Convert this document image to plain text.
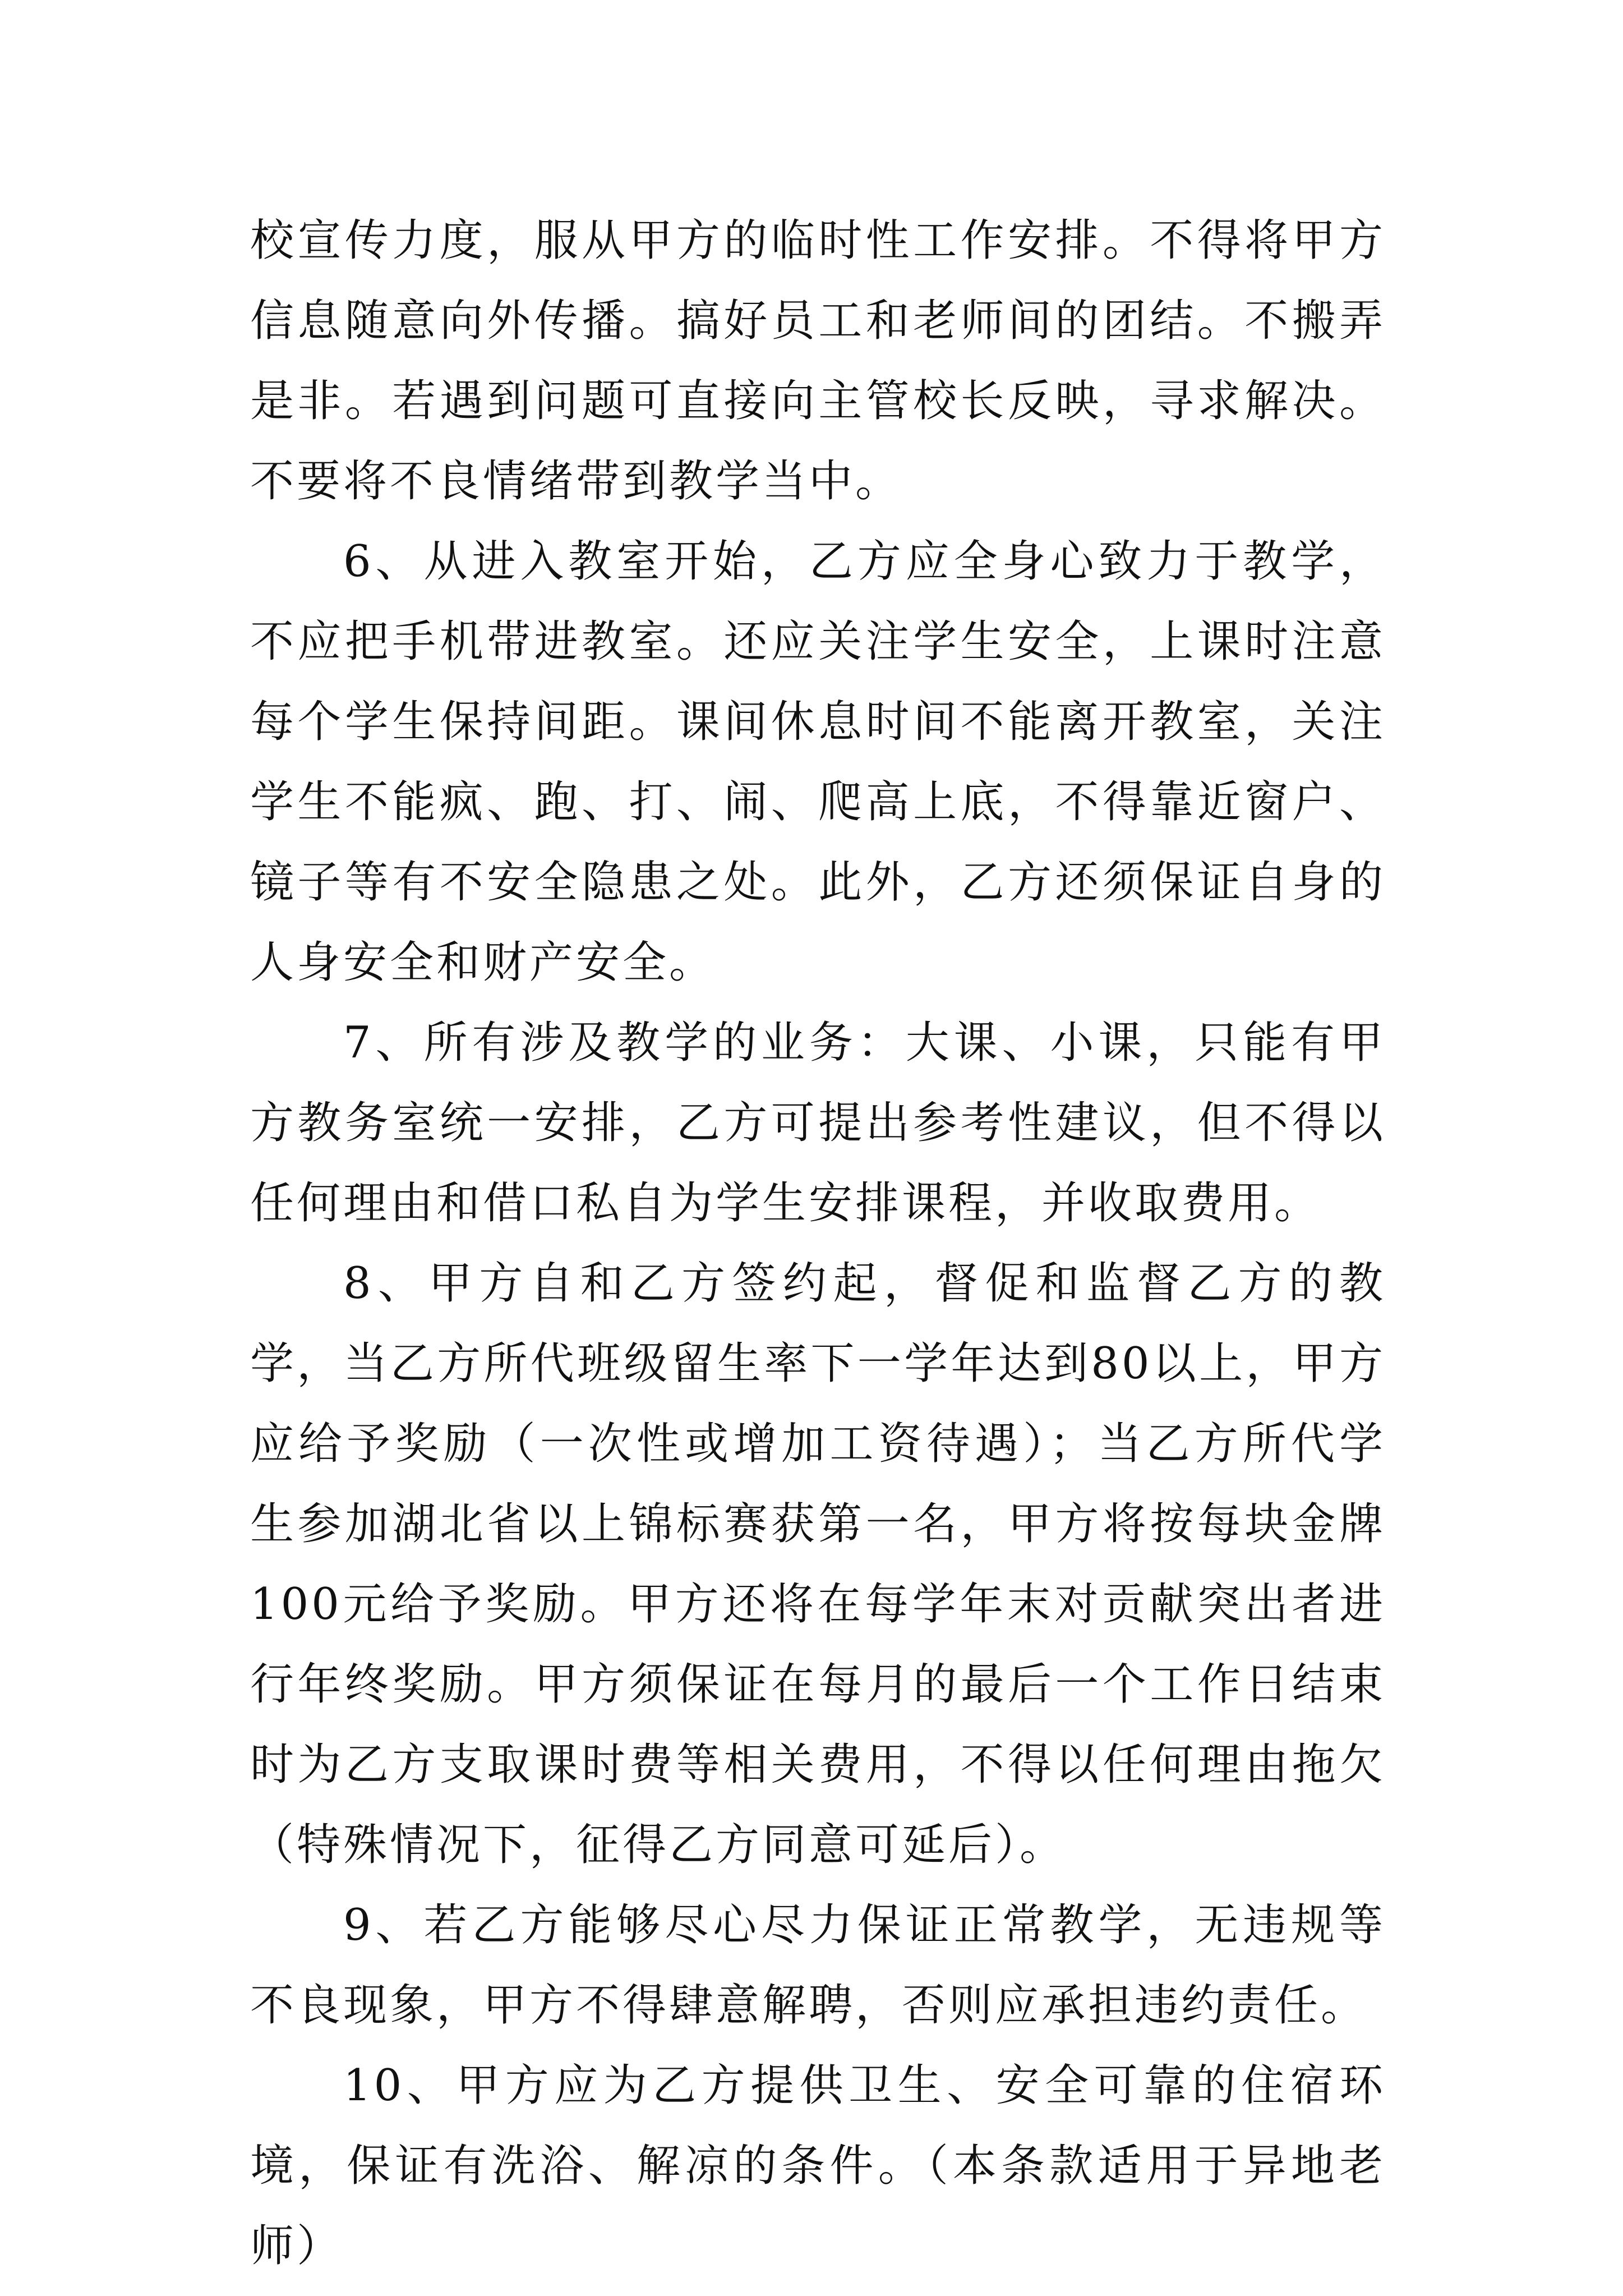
校宣传力度，服从甲方的临时性工作安排。不得将甲方信息随意向外传播。搞好员工和老师间的团结。不搬弄是非。若遇到问题可直接向主管校长反映，寻求解决。不要将不良情绪带到教学当中。

6、从进入教室开始，乙方应全身心致力于教学，不应把手机带进教室。还应关注学生安全，上课时注意每个学生保持间距。课间休息时间不能离开教室，关注学生不能疯、跑、打、闹、爬高上底，不得靠近窗户、镜子等有不安全隐患之处。此外，乙方还须保证自身的人身安全和财产安全。

7、所有涉及教学的业务：大课、小课，只能有甲方教务室统一安排，乙方可提出参考性建议，但不得以任何理由和借口私自为学生安排课程，并收取费用。

8、甲方自和乙方签约起，督促和监督乙方的教学，当乙方所代班级留生率下一学年达到80以上，甲方应给予奖励（一次性或增加工资待遇）；当乙方所代学生参加湖北省以上锦标赛获第一名，甲方将按每块金牌100元给予奖励。甲方还将在每学年末对贡献突出者进行年终奖励。甲方须保证在每月的最后一个工作日结束时为乙方支取课时费等相关费用，不得以任何理由拖欠（特殊情况下，征得乙方同意可延后）。

9、若乙方能够尽心尽力保证正常教学，无违规等不良现象，甲方不得肆意解聘，否则应承担违约责任。

10、甲方应为乙方提供卫生、安全可靠的住宿环境，保证有洗浴、解凉的条件。（本条款适用于异地老师）
